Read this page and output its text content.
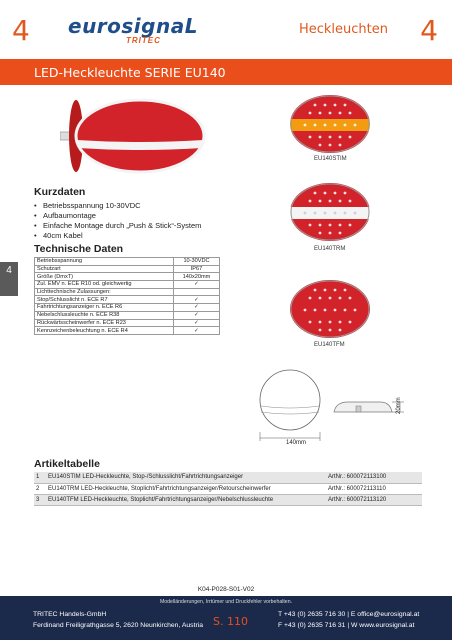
4 eurosignaL
TRITEC
Heckleuchten 4
LED-Heckleuchte SERIE EU140
EU140STIM
EU140TRM
EU140TFM
4
Kurzdaten
• Betriebsspannung 10-30VDC
• Aufbaumontage
• Einfache Montage durch „Push & Stick“-System
• 40cm Kabel
Technische Daten
Betriebsspannung	10-30VDC
Schutzart	IP67
Größe (DmxT)	140x20mm
Zul. EMV n. ECE R10 od. gleichwertig	✓
Lichttechnische Zulassungen:	
Stop/Schlusslicht n. ECE R7	✓
Fahrtrichtungsanzeiger n. ECE R6	✓
Nebelschlussleuchte n. ECE R38	✓
Rückwärtsscheinwerfer n. ECE R23	✓
Kennzeichenbeleuchtung n. ECE R4	✓
140mm
20mm
Artikeltabelle
1	EU140STIM LED-Heckleuchte, Stop-/Schlusslicht/Fahrtrichtungsanzeiger	ArtNr.: 600072113100
2	EU140TRM LED-Heckleuchte, Stoplicht/Fahrtrichtungsanzeiger/Retourscheinwerfer	ArtNr.: 600072113110
3	EU140TFM LED-Heckleuchte, Stoplicht/Fahrtrichtungsanzeiger/Nebelschlussleuchte	ArtNr.: 600072113120
K04-P028-S01-V02
Modelländerungen, Irrtümer und Druckfehler vorbehalten.
TRITEC Handels-GmbH
Ferdinand Freiligrathgasse 5, 2620 Neunkirchen, Austria S. 110
T +43 (0) 2635 716 30 | E office@eurosignal.at
F +43 (0) 2635 716 31 | W www.eurosignal.at
